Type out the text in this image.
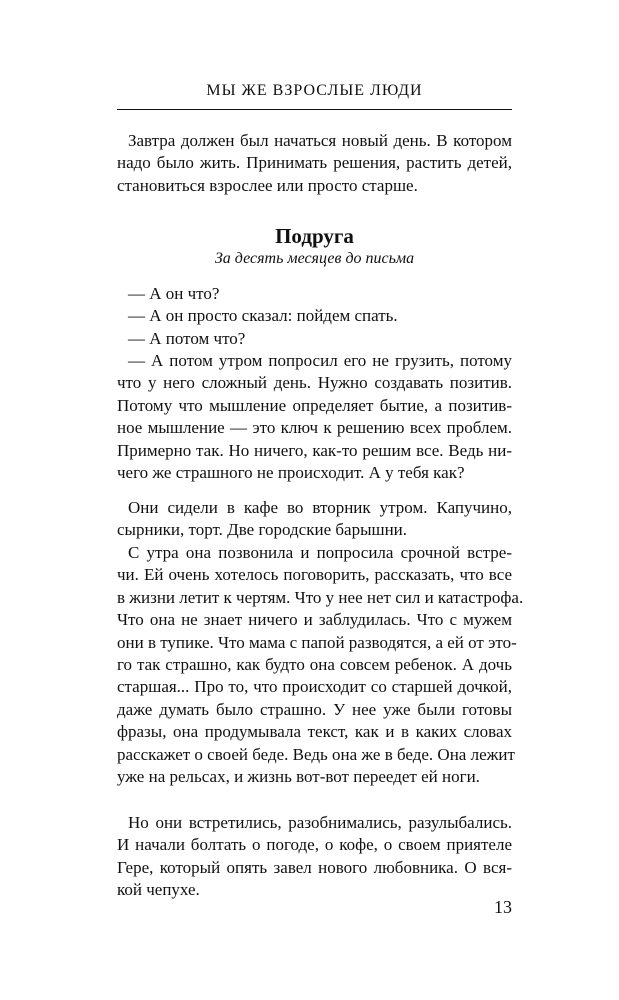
МЫ ЖЕ ВЗРОСЛЫЕ ЛЮДИ
Завтра должен был начаться новый день. В котором
надо было жить. Принимать решения, растить детей,
становиться взрослее или просто старше.
Подруга
За десять месяцев до письма
— А он что?
— А он просто сказал: пойдем спать.
— А потом что?
— А потом утром попросил его не грузить, потому
что у него сложный день. Нужно создавать позитив.
Потому что мышление определяет бытие, а позитив-
ное мышление — это ключ к решению всех проблем.
Примерно так. Но ничего, как-то решим все. Ведь ни-
чего же страшного не происходит. А у тебя как?
Они сидели в кафе во вторник утром. Капучино,
сырники, торт. Две городские барышни.
С утра она позвонила и попросила срочной встре-
чи. Ей очень хотелось поговорить, рассказать, что все
в жизни летит к чертям. Что у нее нет сил и катастрофа.
Что она не знает ничего и заблудилась. Что с мужем
они в тупике. Что мама с папой разводятся, а ей от это-
го так страшно, как будто она совсем ребенок. А дочь
старшая... Про то, что происходит со старшей дочкой,
даже думать было страшно. У нее уже были готовы
фразы, она продумывала текст, как и в каких словах
расскажет о своей беде. Ведь она же в беде. Она лежит
уже на рельсах, и жизнь вот-вот переедет ей ноги.
Но они встретились, разобнимались, разулыбались.
И начали болтать о погоде, о кофе, о своем приятеле
Гере, который опять завел нового любовника. О вся-
кой чепухе.
13
